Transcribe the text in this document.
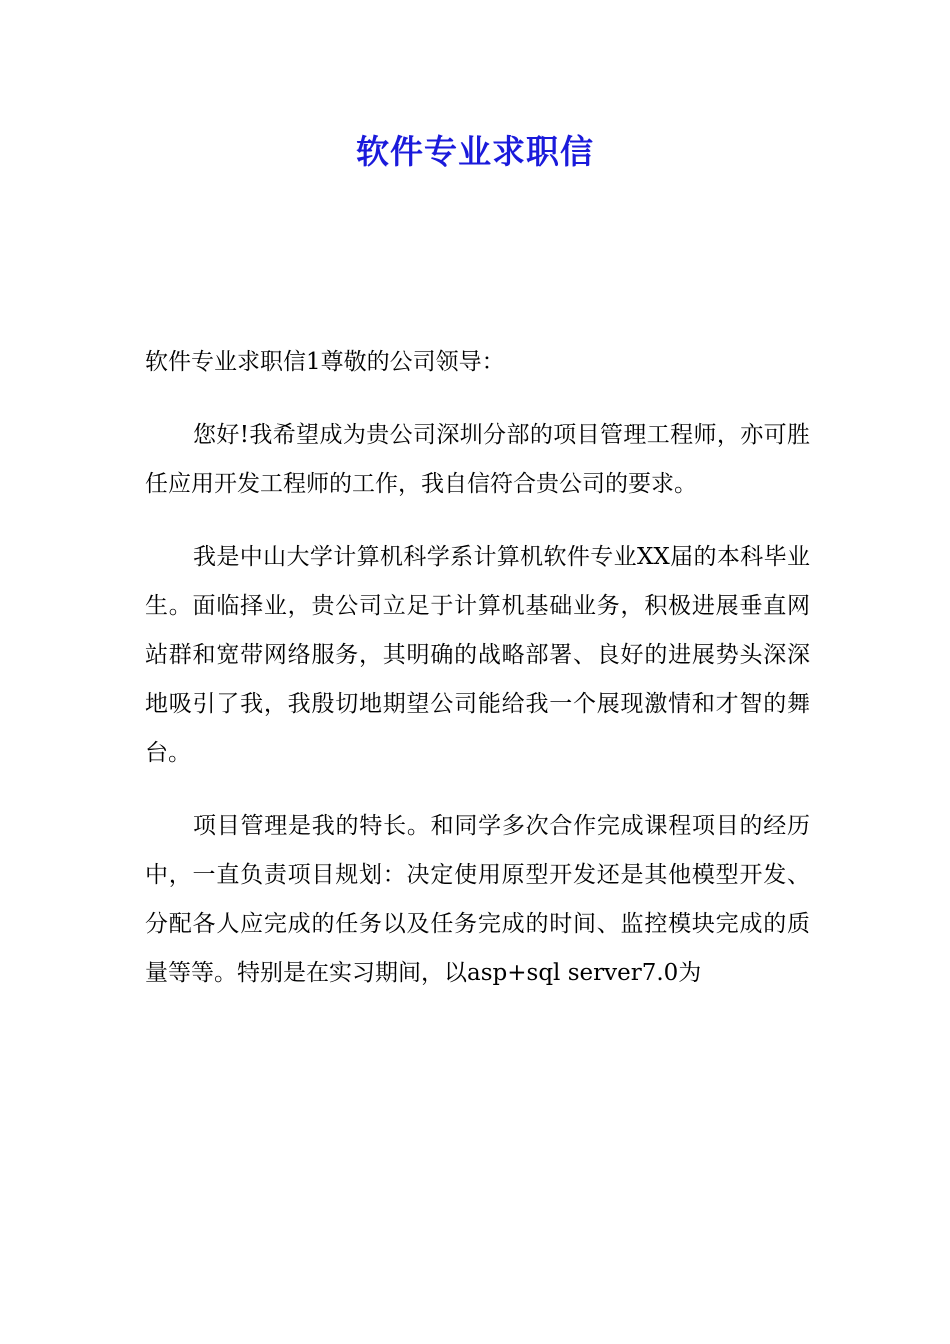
软件专业求职信

软件专业求职信1尊敬的公司领导：

您好!我希望成为贵公司深圳分部的项目管理工程师，亦可胜任应用开发工程师的工作，我自信符合贵公司的要求。

我是中山大学计算机科学系计算机软件专业XX届的本科毕业生。面临择业，贵公司立足于计算机基础业务，积极进展垂直网站群和宽带网络服务，其明确的战略部署、良好的进展势头深深地吸引了我，我殷切地期望公司能给我一个展现激情和才智的舞台。

项目管理是我的特长。和同学多次合作完成课程项目的经历中，一直负责项目规划：决定使用原型开发还是其他模型开发、分配各人应完成的任务以及任务完成的时间、监控模块完成的质量等等。特别是在实习期间，以asp+sql server7.0为
